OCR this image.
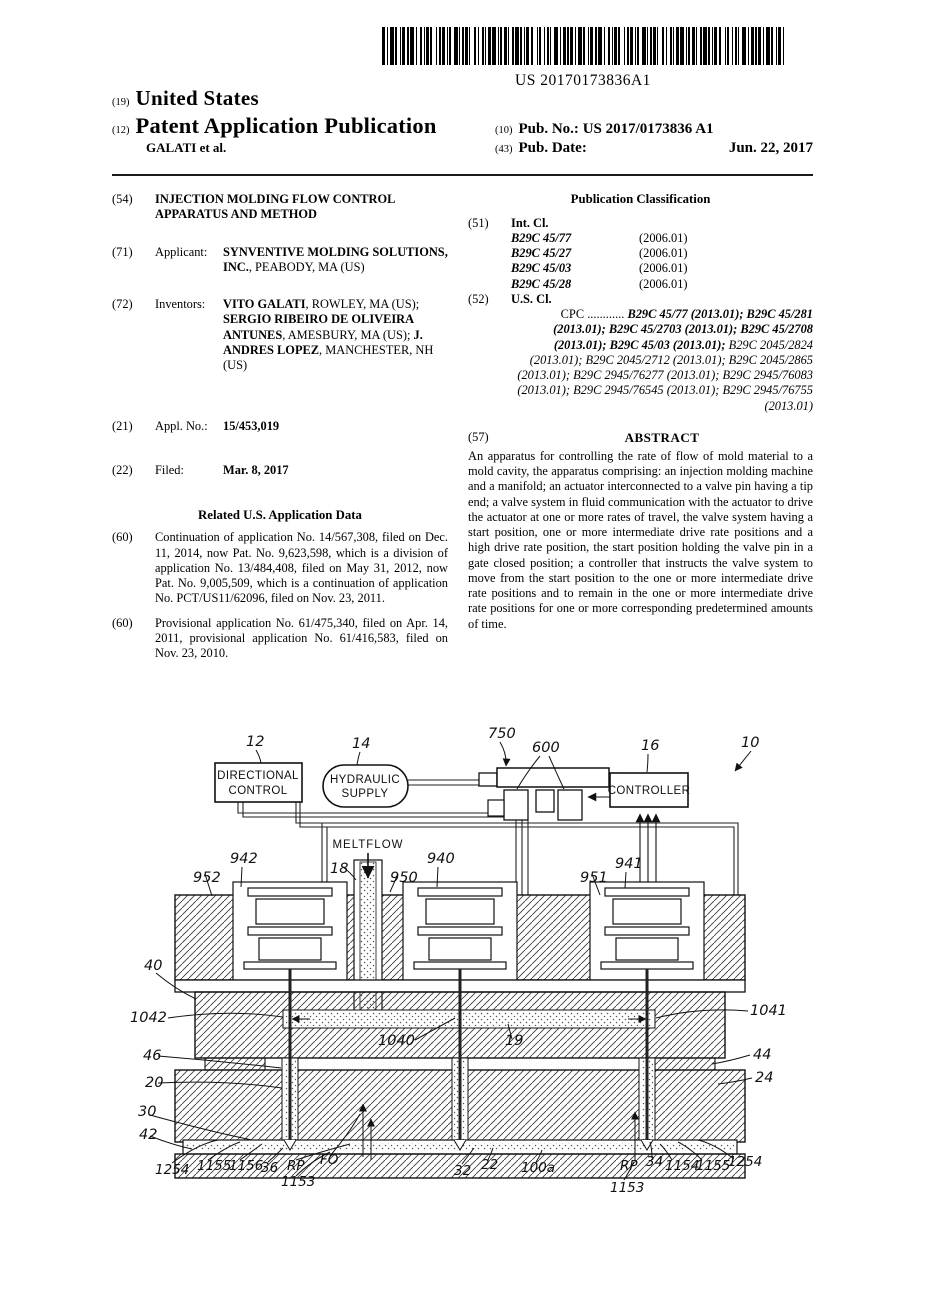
US 20170173836A1
(19) United States
(12) Patent Application Publication	(10) Pub. No.:
US 2017/0173836 A1
GALATI et al.	(43) Pub. Date:	Jun. 22, 2017
(54)	INJECTION MOLDING FLOW CONTROL APPARATUS AND METHOD
(71)	Applicant:	SYNVENTIVE MOLDING SOLUTIONS, INC., PEABODY, MA (US)
(72)	Inventors:	VITO GALATI, ROWLEY, MA (US); SERGIO RIBEIRO DE OLIVEIRA ANTUNES, AMESBURY, MA (US); J. ANDRES LOPEZ, MANCHESTER, NH (US)
(21)	Appl. No.:	15/453,019
(22)	Filed:	Mar. 8, 2017
Related U.S. Application Data
(60)	Continuation of application No. 14/567,308, filed on Dec. 11, 2014, now Pat. No. 9,623,598, which is a division of application No. 13/484,408, filed on May 31, 2012, now Pat. No. 9,005,509, which is a continuation of application No. PCT/US11/62096, filed on Nov. 23, 2011.
(60)	Provisional application No. 61/475,340, filed on Apr. 14, 2011, provisional application No. 61/416,583, filed on Nov. 23, 2010.
Publication Classification
(51)	Int. Cl.
B29C 45/77	(2006.01)
B29C 45/27	(2006.01)
B29C 45/03	(2006.01)
B29C 45/28	(2006.01)
(52)	U.S. Cl.
CPC ............ B29C 45/77 (2013.01); B29C 45/281 (2013.01); B29C 45/2703 (2013.01); B29C 45/2708 (2013.01); B29C 45/03 (2013.01); B29C 2045/2824 (2013.01); B29C 2045/2712 (2013.01); B29C 2045/2865 (2013.01); B29C 2945/76277 (2013.01); B29C 2945/76083 (2013.01); B29C 2945/76545 (2013.01); B29C 2945/76755 (2013.01)
(57)	ABSTRACT
An apparatus for controlling the rate of flow of mold material to a mold cavity, the apparatus comprising: an injection molding machine and a manifold; an actuator interconnected to a valve pin having a tip end; a valve system in fluid communication with the actuator to drive the actuator at one or more rates of travel, the valve system having a start position, one or more intermediate drive rate positions and a high drive rate position, the start position holding the valve pin in a gate closed position; a controller that instructs the valve system to move from the start position to the one or more intermediate drive rate positions and to remain in the one or more intermediate drive rate positions for one or more corresponding predetermined amounts of time.
DIRECTIONAL
CONTROL
HYDRAULIC
SUPPLY	CONTROLLER
12	14
750
600	16	10
MELTFLOW
952
942
18
950
940
951
941
40
1042	1041
1040	19
46
20
30
42
44
24
1254 1155
1156
36 RP
1153
FO
32 22 100a	RP
1153
34 1154
1155
1254
